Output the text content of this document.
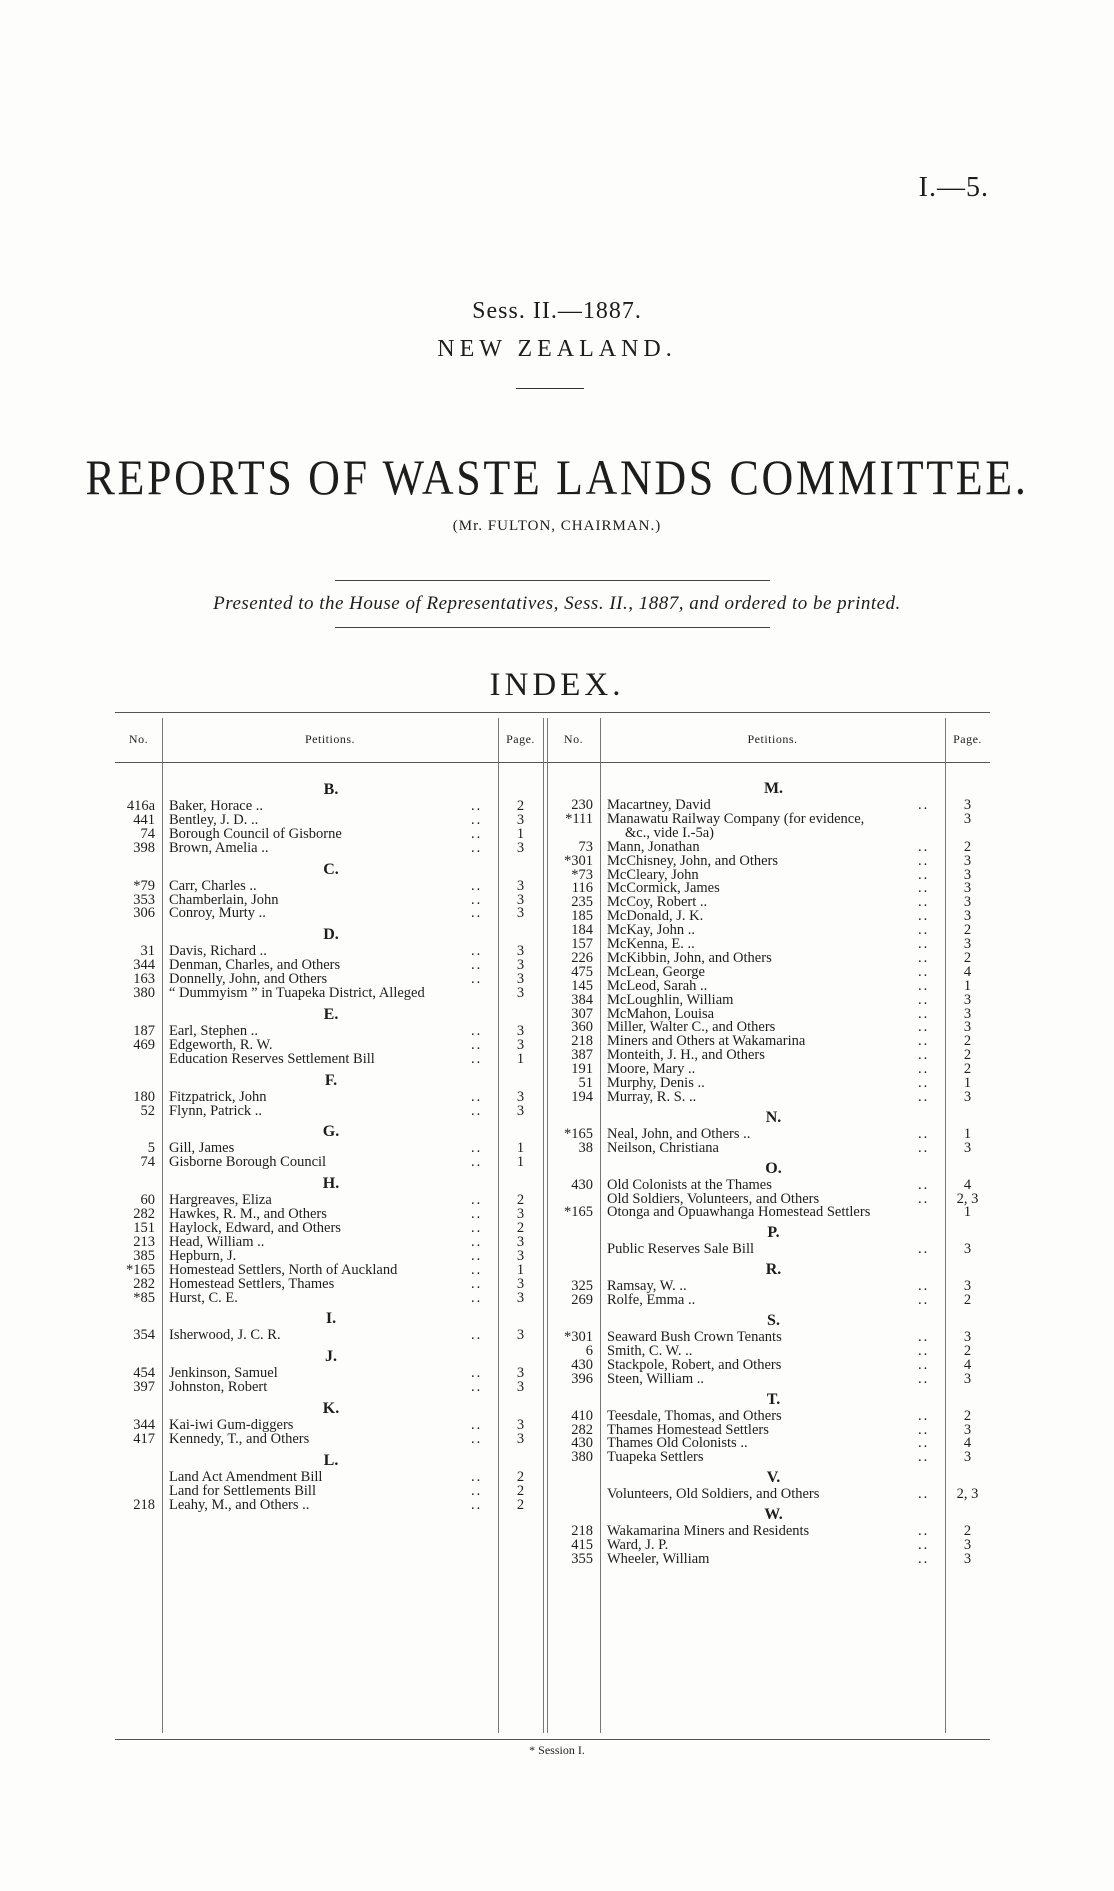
I.—5.
Sess. II.—1887.
NEW ZEALAND.
REPORTS OF WASTE LANDS COMMITTEE.
(Mr. FULTON, CHAIRMAN.)
Presented to the House of Representatives, Sess. II., 1887, and ordered to be printed.
INDEX.
No.	Petitions.	Page.	No.	Petitions.	Page.
B.
416a Baker, Horace ..	..	2
441 Bentley, J. D. ..	..	3
74 Borough Council of Gisborne	..	1
398 Brown, Amelia ..	..	3
C.
*79 Carr, Charles ..	..	3
353 Chamberlain, John	..	3
306 Conroy, Murty ..	..	3
D.
31 Davis, Richard ..	..	3
344 Denman, Charles, and Others	..	3
163 Donnelly, John, and Others	..	3
380 “ Dummyism ” in Tuapeka District, Alleged	3
E.
187 Earl, Stephen ..	..	3
469 Edgeworth, R. W.	..	3
Education Reserves Settlement Bill	..	1
F.
180 Fitzpatrick, John	..	3
52 Flynn, Patrick ..	..	3
G.
5 Gill, James	..	1
74 Gisborne Borough Council	..	1
H.
60 Hargreaves, Eliza	..	2
282 Hawkes, R. M., and Others	..	3
151 Haylock, Edward, and Others	..	2
213 Head, William ..	..	3
385 Hepburn, J.	..	3
*165 Homestead Settlers, North of Auckland	..	1
282 Homestead Settlers, Thames	..	3
*85 Hurst, C. E.	..	3
I.
354 Isherwood, J. C. R.	..	3
J.
454 Jenkinson, Samuel	..	3
397 Johnston, Robert	..	3
K.
344 Kai-iwi Gum-diggers	..	3
417 Kennedy, T., and Others	..	3
L.
Land Act Amendment Bill	..	2
Land for Settlements Bill	..	2
218 Leahy, M., and Others ..	..	2
M.
230 Macartney, David	..	3
*111 Manawatu Railway Company (for evidence,	3
&c., vide I.-5a)
73 Mann, Jonathan	..	2
*301 McChisney, John, and Others	..	3
*73 McCleary, John	..	3
116 McCormick, James	..	3
235 McCoy, Robert ..	..	3
185 McDonald, J. K.	..	3
184 McKay, John ..	..	2
157 McKenna, E. ..	..	3
226 McKibbin, John, and Others	..	2
475 McLean, George	..	4
145 McLeod, Sarah ..	..	1
384 McLoughlin, William	..	3
307 McMahon, Louisa	..	3
360 Miller, Walter C., and Others	..	3
218 Miners and Others at Wakamarina	..	2
387 Monteith, J. H., and Others	..	2
191 Moore, Mary ..	..	2
51 Murphy, Denis ..	..	1
194 Murray, R. S. ..	..	3
N.
*165 Neal, John, and Others ..	..	1
38 Neilson, Christiana	..	3
O.
430 Old Colonists at the Thames	..	4
Old Soldiers, Volunteers, and Others	..	2, 3
*165 Otonga and Opuawhanga Homestead Settlers	1
P.
Public Reserves Sale Bill	..	3
R.
325 Ramsay, W. ..	..	3
269 Rolfe, Emma ..	..	2
S.
*301 Seaward Bush Crown Tenants	..	3
6 Smith, C. W. ..	..	2
430 Stackpole, Robert, and Others	..	4
396 Steen, William ..	..	3
T.
410 Teesdale, Thomas, and Others	..	2
282 Thames Homestead Settlers	..	3
430 Thames Old Colonists ..	..	4
380 Tuapeka Settlers	..	3
V.
Volunteers, Old Soldiers, and Others	..	2, 3
W.
218 Wakamarina Miners and Residents	..	2
415 Ward, J. P.	..	3
355 Wheeler, William	..	3
* Session I.
